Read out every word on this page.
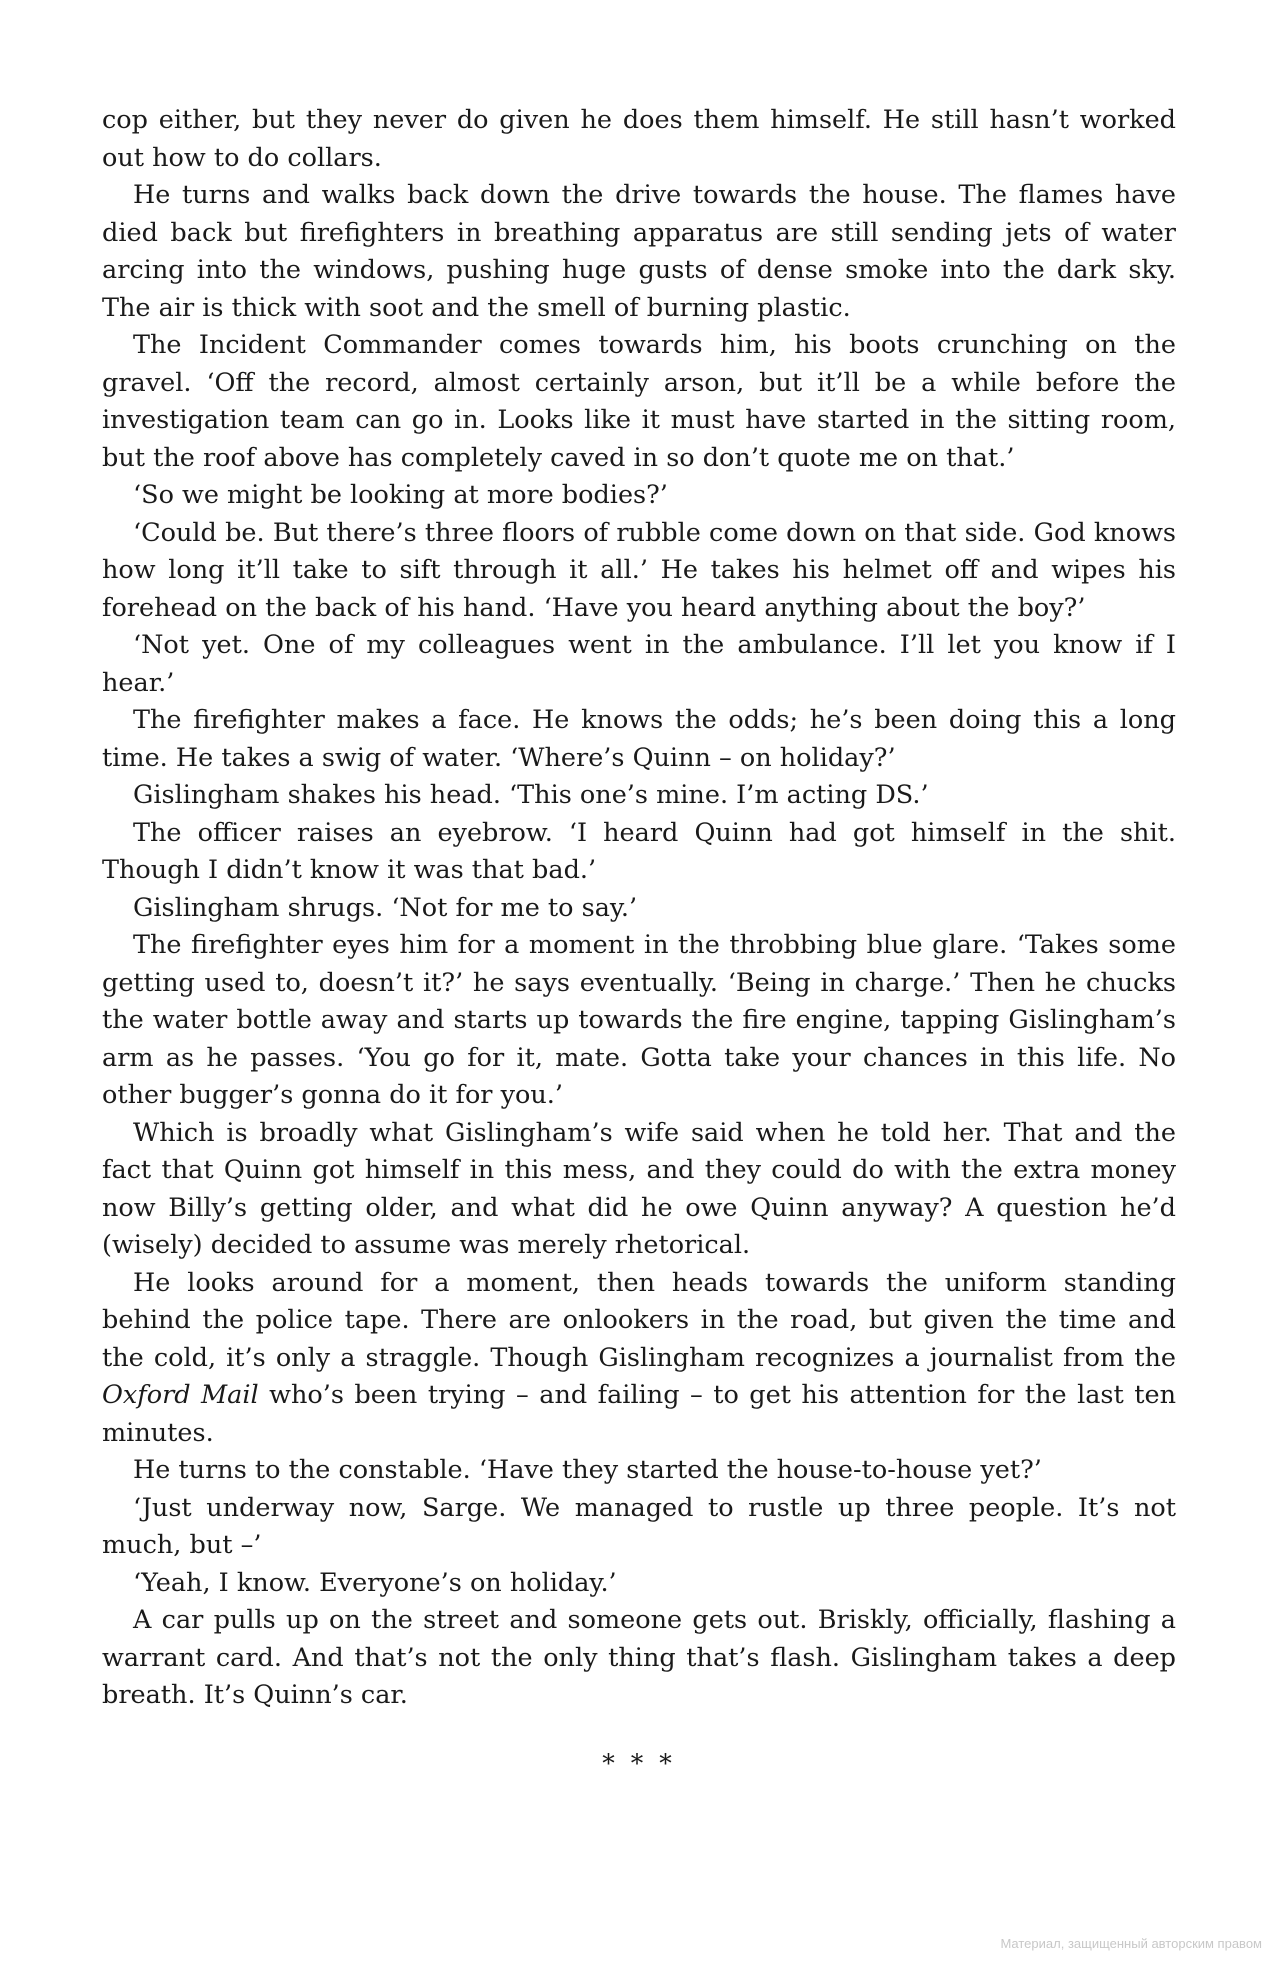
cop either, but they never do given he does them himself. He still hasn’t worked out how to do collars.

He turns and walks back down the drive towards the house. The flames have died back but firefighters in breathing apparatus are still sending jets of water arcing into the windows, pushing huge gusts of dense smoke into the dark sky. The air is thick with soot and the smell of burning plastic.

The Incident Commander comes towards him, his boots crunching on the gravel. ‘Off the record, almost certainly arson, but it’ll be a while before the investigation team can go in. Looks like it must have started in the sitting room, but the roof above has completely caved in so don’t quote me on that.’

‘So we might be looking at more bodies?’

‘Could be. But there’s three floors of rubble come down on that side. God knows how long it’ll take to sift through it all.’ He takes his helmet off and wipes his forehead on the back of his hand. ‘Have you heard anything about the boy?’

‘Not yet. One of my colleagues went in the ambulance. I’ll let you know if I hear.’

The firefighter makes a face. He knows the odds; he’s been doing this a long time. He takes a swig of water. ‘Where’s Quinn – on holiday?’

Gislingham shakes his head. ‘This one’s mine. I’m acting DS.’

The officer raises an eyebrow. ‘I heard Quinn had got himself in the shit. Though I didn’t know it was that bad.’

Gislingham shrugs. ‘Not for me to say.’

The firefighter eyes him for a moment in the throbbing blue glare. ‘Takes some getting used to, doesn’t it?’ he says eventually. ‘Being in charge.’ Then he chucks the water bottle away and starts up towards the fire engine, tapping Gislingham’s arm as he passes. ‘You go for it, mate. Gotta take your chances in this life. No other bugger’s gonna do it for you.’

Which is broadly what Gislingham’s wife said when he told her. That and the fact that Quinn got himself in this mess, and they could do with the extra money now Billy’s getting older, and what did he owe Quinn anyway? A question he’d (wisely) decided to assume was merely rhetorical.

He looks around for a moment, then heads towards the uniform standing behind the police tape. There are onlookers in the road, but given the time and the cold, it’s only a straggle. Though Gislingham recognizes a journalist from the Oxford Mail who’s been trying – and failing – to get his attention for the last ten minutes.

He turns to the constable. ‘Have they started the house-to-house yet?’

‘Just underway now, Sarge. We managed to rustle up three people. It’s not much, but –’

‘Yeah, I know. Everyone’s on holiday.’

A car pulls up on the street and someone gets out. Briskly, officially, flashing a warrant card. And that’s not the only thing that’s flash. Gislingham takes a deep breath. It’s Quinn’s car.

* * *
Материал, защищенный авторским правом
